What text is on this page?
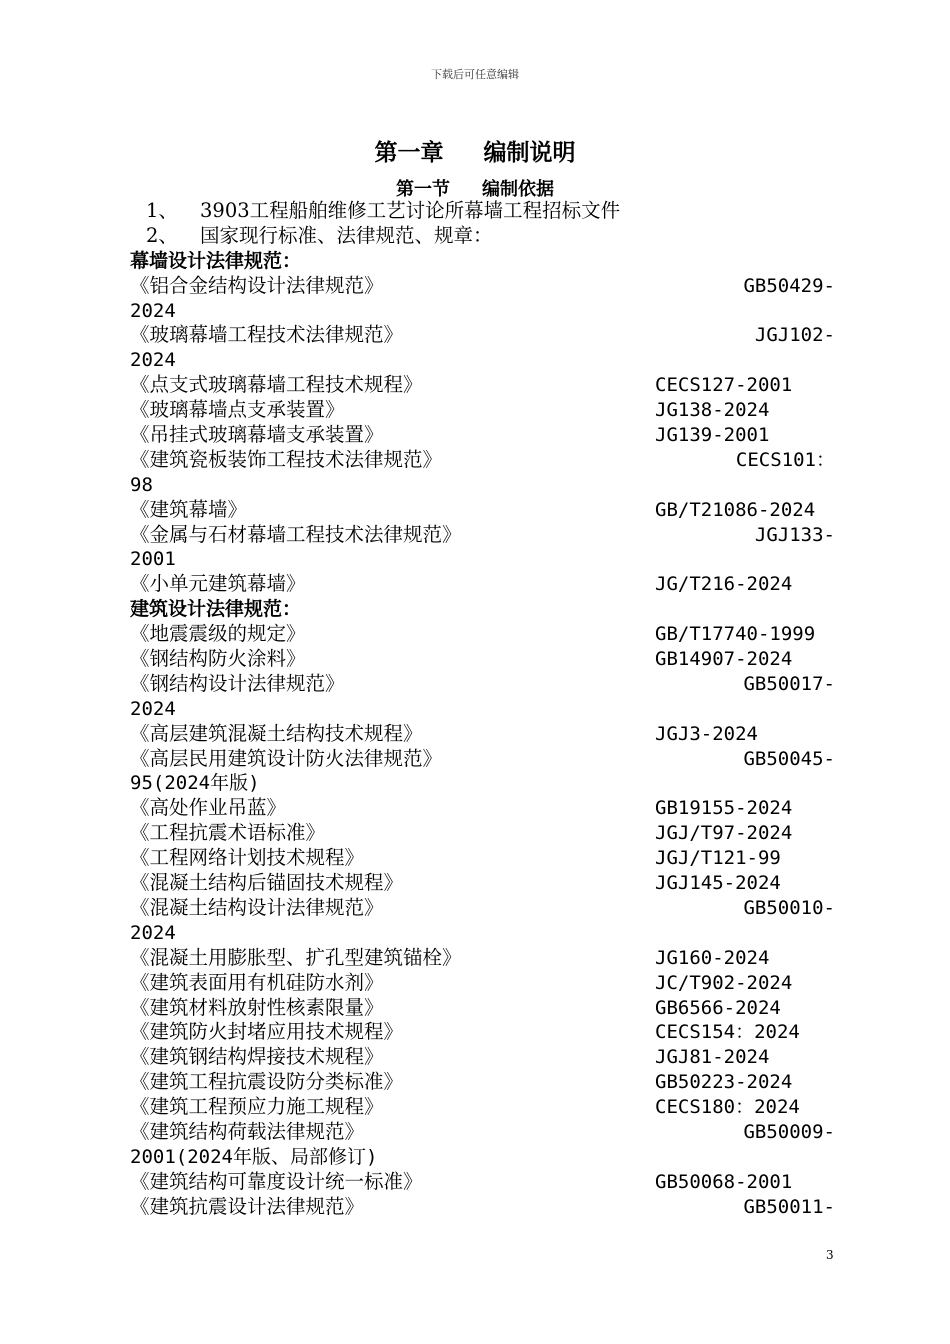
下载后可任意编辑
第一章 编制说明
第一节 编制依据
1、 3903工程船舶维修工艺讨论所幕墙工程招标文件
2、 国家现行标准、法律规范、规章：
幕墙设计法律规范：
《铝合金结构设计法律规范》	GB50429-
2024
《玻璃幕墙工程技术法律规范》	JGJ102-
2024
《点支式玻璃幕墙工程技术规程》	CECS127-2001
《玻璃幕墙点支承装置》	JG138-2024
《吊挂式玻璃幕墙支承装置》	JG139-2001
《建筑瓷板装饰工程技术法律规范》	CECS101：
98
《建筑幕墙》	GB/T21086-2024
《金属与石材幕墙工程技术法律规范》	JGJ133-
2001
《小单元建筑幕墙》	JG/T216-2024
建筑设计法律规范：
《地震震级的规定》	GB/T17740-1999
《钢结构防火涂料》	GB14907-2024
《钢结构设计法律规范》	GB50017-
2024
《高层建筑混凝土结构技术规程》	JGJ3-2024
《高层民用建筑设计防火法律规范》	GB50045-
95(2024年版)
《高处作业吊蓝》	GB19155-2024
《工程抗震术语标准》	JGJ/T97-2024
《工程网络计划技术规程》	JGJ/T121-99
《混凝土结构后锚固技术规程》	JGJ145-2024
《混凝土结构设计法律规范》	GB50010-
2024
《混凝土用膨胀型、扩孔型建筑锚栓》	JG160-2024
《建筑表面用有机硅防水剂》	JC/T902-2024
《建筑材料放射性核素限量》	GB6566-2024
《建筑防火封堵应用技术规程》	CECS154：2024
《建筑钢结构焊接技术规程》	JGJ81-2024
《建筑工程抗震设防分类标准》	GB50223-2024
《建筑工程预应力施工规程》	CECS180：2024
《建筑结构荷载法律规范》	GB50009-
2001(2024年版、局部修订)
《建筑结构可靠度设计统一标准》	GB50068-2001
《建筑抗震设计法律规范》	GB50011-
3
